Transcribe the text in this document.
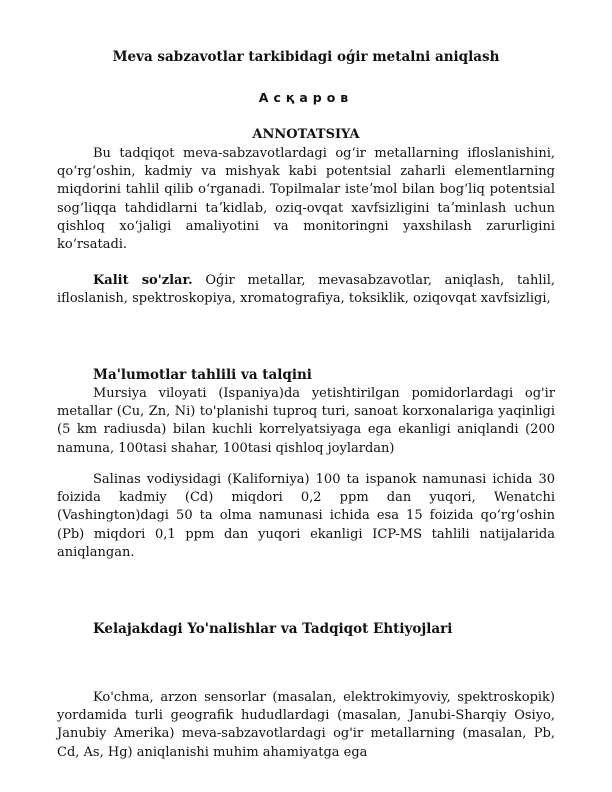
Meva sabzavotlar tarkibidagi oǵir metalni aniqlash
Асқаров
ANNOTATSIYA
Bu tadqiqot meva-sabzavotlardagi ogʻir metallarning ifloslanishini, qoʻrgʻoshin, kadmiy va mishyak kabi potentsial zaharli elementlarning miqdorini tahlil qilib oʻrganadi. Topilmalar isteʼmol bilan bogʻliq potentsial sogʻliqqa tahdidlarni taʼkidlab, oziq-ovqat xavfsizligini taʼminlash uchun qishloq xoʻjaligi amaliyotini va monitoringni yaxshilash zarurligini koʻrsatadi.
Kalit so'zlar. Oǵir metallar, mevasabzavotlar, aniqlash, tahlil, ifloslanish, spektroskopiya, xromatografiya, toksiklik, oziqovqat xavfsizligi,
Ma'lumotlar tahlili va talqini
Mursiya viloyati (Ispaniya)da yetishtirilgan pomidorlardagi og'ir metallar (Cu, Zn, Ni) to'planishi tuproq turi, sanoat korxonalariga yaqinligi (5 km radiusda) bilan kuchli korrelyatsiyaga ega ekanligi aniqlandi (200 namuna, 100tasi shahar, 100tasi qishloq joylardan)
Salinas vodiysidagi (Kaliforniya) 100 ta ispanok namunasi ichida 30 foizida kadmiy (Cd) miqdori 0,2 ppm dan yuqori, Wenatchi (Vashington)dagi 50 ta olma namunasi ichida esa 15 foizida qoʻrgʻoshin (Pb) miqdori 0,1 ppm dan yuqori ekanligi ICP-MS tahlili natijalarida aniqlangan.
Kelajakdagi Yo'nalishlar va Tadqiqot Ehtiyojlari
Ko'chma, arzon sensorlar (masalan, elektrokimyoviy, spektroskopik) yordamida turli geografik hududlardagi (masalan, Janubi-Sharqiy Osiyo, Janubiy Amerika) meva-sabzavotlardagi og'ir metallarning (masalan, Pb, Cd, As, Hg) aniqlanishi muhim ahamiyatga ega
